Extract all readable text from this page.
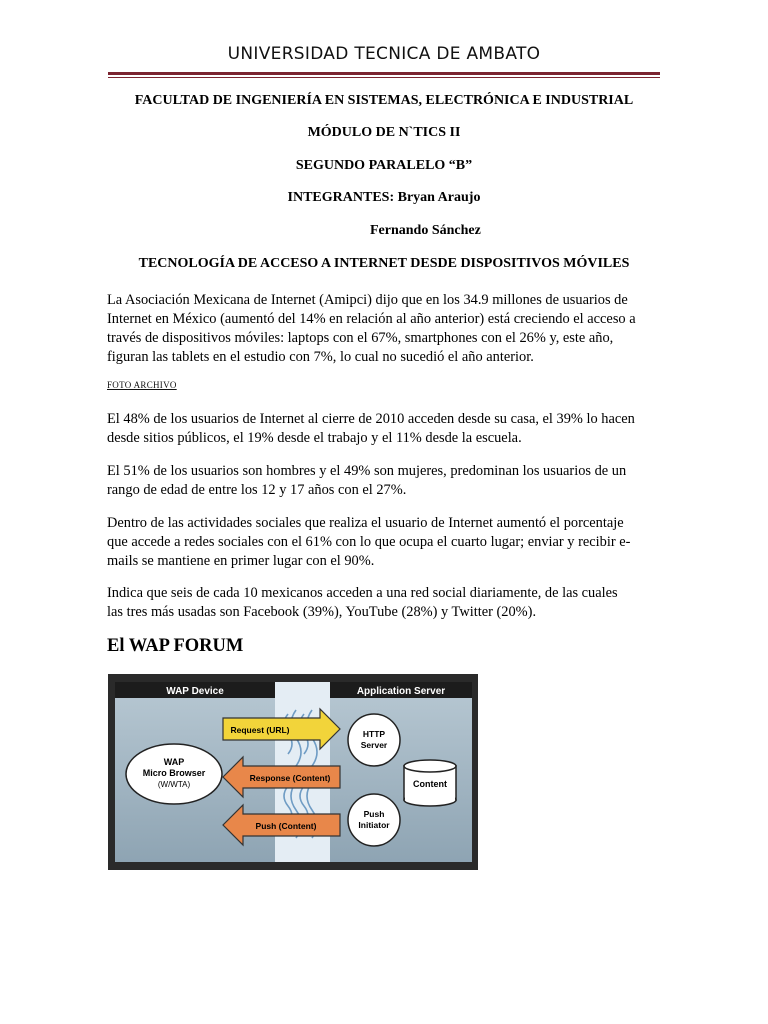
UNIVERSIDAD TECNICA DE AMBATO
FACULTAD DE INGENIERÍA EN SISTEMAS, ELECTRÓNICA E INDUSTRIAL
MÓDULO DE N`TICS II
SEGUNDO PARALELO “B”
INTEGRANTES: Bryan Araujo
Fernando Sánchez
TECNOLOGÍA DE ACCESO A INTERNET DESDE DISPOSITIVOS MÓVILES
La Asociación Mexicana de Internet (Amipci) dijo que en los 34.9 millones de usuarios de
Internet en México (aumentó del 14% en relación al año anterior) está creciendo el acceso a
través de dispositivos móviles: laptops con el 67%, smartphones con el 26% y, este año,
figuran las tablets en el estudio con 7%, lo cual no sucedió el año anterior.
FOTO ARCHIVO
El 48% de los usuarios de Internet al cierre de 2010 acceden desde su casa, el 39% lo hacen
desde sitios públicos, el 19% desde el trabajo y el 11% desde la escuela.
El 51% de los usuarios son hombres y el 49% son mujeres, predominan los usuarios de un
rango de edad de entre los 12 y 17 años con el 27%.
Dentro de las actividades sociales que realiza el usuario de Internet aumentó el porcentaje
que accede a redes sociales con el 61% con lo que ocupa el cuarto lugar; enviar y recibir e-
mails se mantiene en primer lugar con el 90%.
Indica que seis de cada 10 mexicanos acceden a una red social diariamente, de las cuales
las tres más usadas son Facebook (39%), YouTube (28%) y Twitter (20%).
El WAP FORUM
WAP Device	Application Server
WAP
Micro Browser
(W/WTA)
Request (URL)
Response (Content)
Push (Content)
HTTP
Server
Content
Push
Initiator
